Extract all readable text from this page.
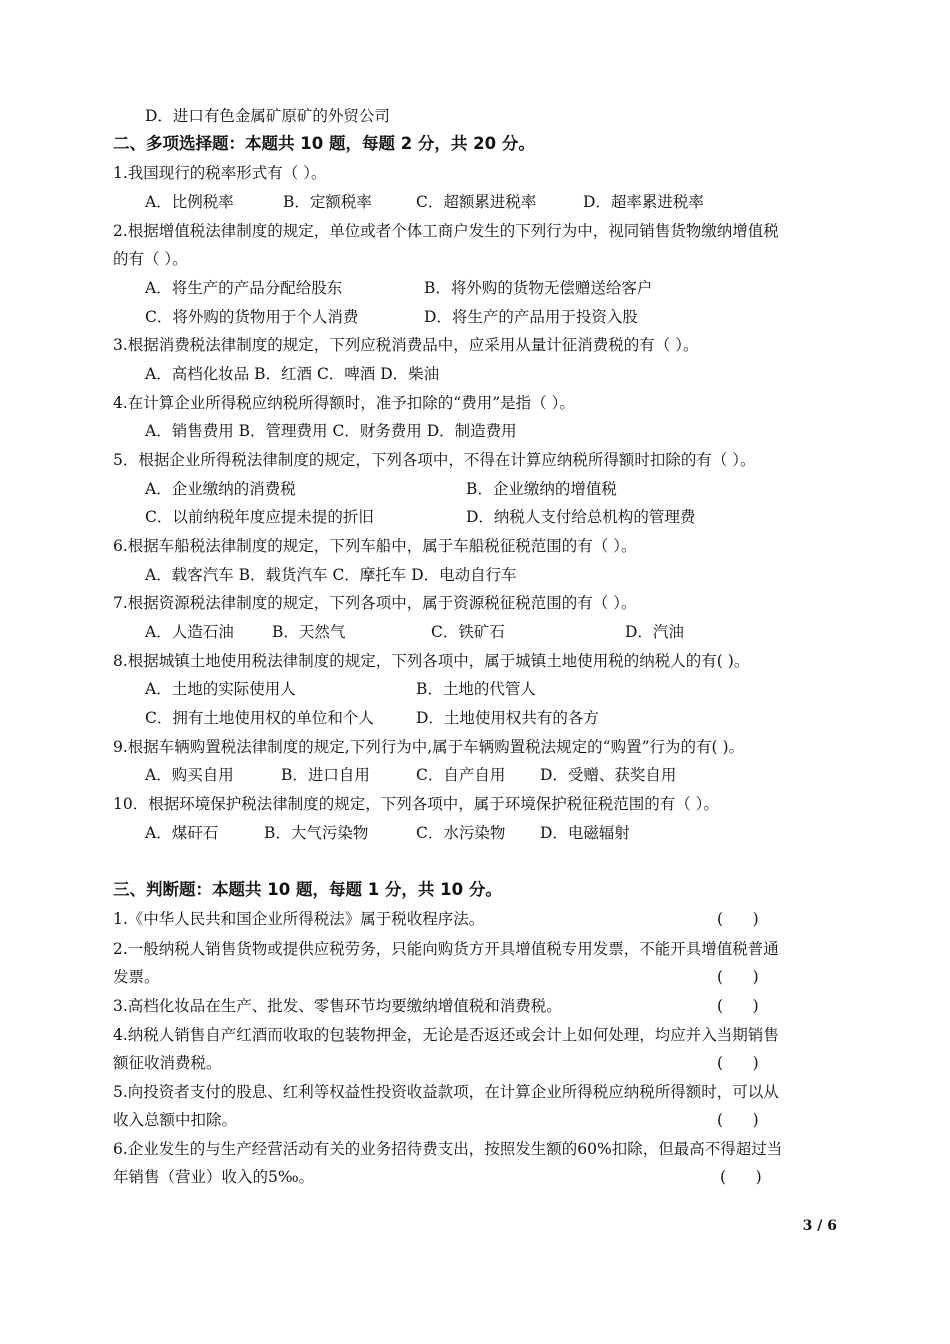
D．进口有色金属矿原矿的外贸公司
二、多项选择题：本题共 10 题，每题 2 分，共 20 分。
1.我国现行的税率形式有（ ）。
A．比例税率	B．定额税率	C．超额累进税率	D．超率累进税率
2.根据增值税法律制度的规定，单位或者个体工商户发生的下列行为中，视同销售货物缴纳增值税
的有（ ）。
A．将生产的产品分配给股东	B．将外购的货物无偿赠送给客户
C．将外购的货物用于个人消费	D．将生产的产品用于投资入股
3.根据消费税法律制度的规定，下列应税消费品中，应采用从量计征消费税的有（ ）。
A．高档化妆品 B．红酒 C．啤酒 D．柴油
4.在计算企业所得税应纳税所得额时，准予扣除的“费用”是指（ ）。
A．销售费用 B．管理费用 C．财务费用 D．制造费用
5．根据企业所得税法律制度的规定，下列各项中，不得在计算应纳税所得额时扣除的有（ ）。
A．企业缴纳的消费税	B．企业缴纳的增值税
C．以前纳税年度应提未提的折旧	D．纳税人支付给总机构的管理费
6.根据车船税法律制度的规定，下列车船中，属于车船税征税范围的有（ ）。
A．载客汽车 B．载货汽车 C．摩托车 D．电动自行车
7.根据资源税法律制度的规定，下列各项中，属于资源税征税范围的有（ ）。
A．人造石油 B．天然气	C．铁矿石	D．汽油
8.根据城镇土地使用税法律制度的规定，下列各项中，属于城镇土地使用税的纳税人的有( )。
A．土地的实际使用人	B．土地的代管人
C．拥有土地使用权的单位和个人	D．土地使用权共有的各方
9.根据车辆购置税法律制度的规定,下列行为中,属于车辆购置税法规定的“购置”行为的有( )。
A．购买自用	B．进口自用	C．自产自用 D．受赠、获奖自用
10．根据环境保护税法律制度的规定，下列各项中，属于环境保护税征税范围的有（ ）。
A．煤矸石	B．大气污染物	C．水污染物 D．电磁辐射
三、判断题：本题共 10 题，每题 1 分，共 10 分。
1.《中华人民共和国企业所得税法》属于税收程序法。	(      )
2.一般纳税人销售货物或提供应税劳务，只能向购货方开具增值税专用发票，不能开具增值税普通
发票。	(      )
3.高档化妆品在生产、批发、零售环节均要缴纳增值税和消费税。	(      )
4.纳税人销售自产红酒而收取的包装物押金，无论是否返还或会计上如何处理，均应并入当期销售
额征收消费税。	(      )
5.向投资者支付的股息、红利等权益性投资收益款项，在计算企业所得税应纳税所得额时，可以从
收入总额中扣除。	(      )
6.企业发生的与生产经营活动有关的业务招待费支出，按照发生额的60%扣除，但最高不得超过当
年销售（营业）收入的5‰。	(      )
3 / 6
